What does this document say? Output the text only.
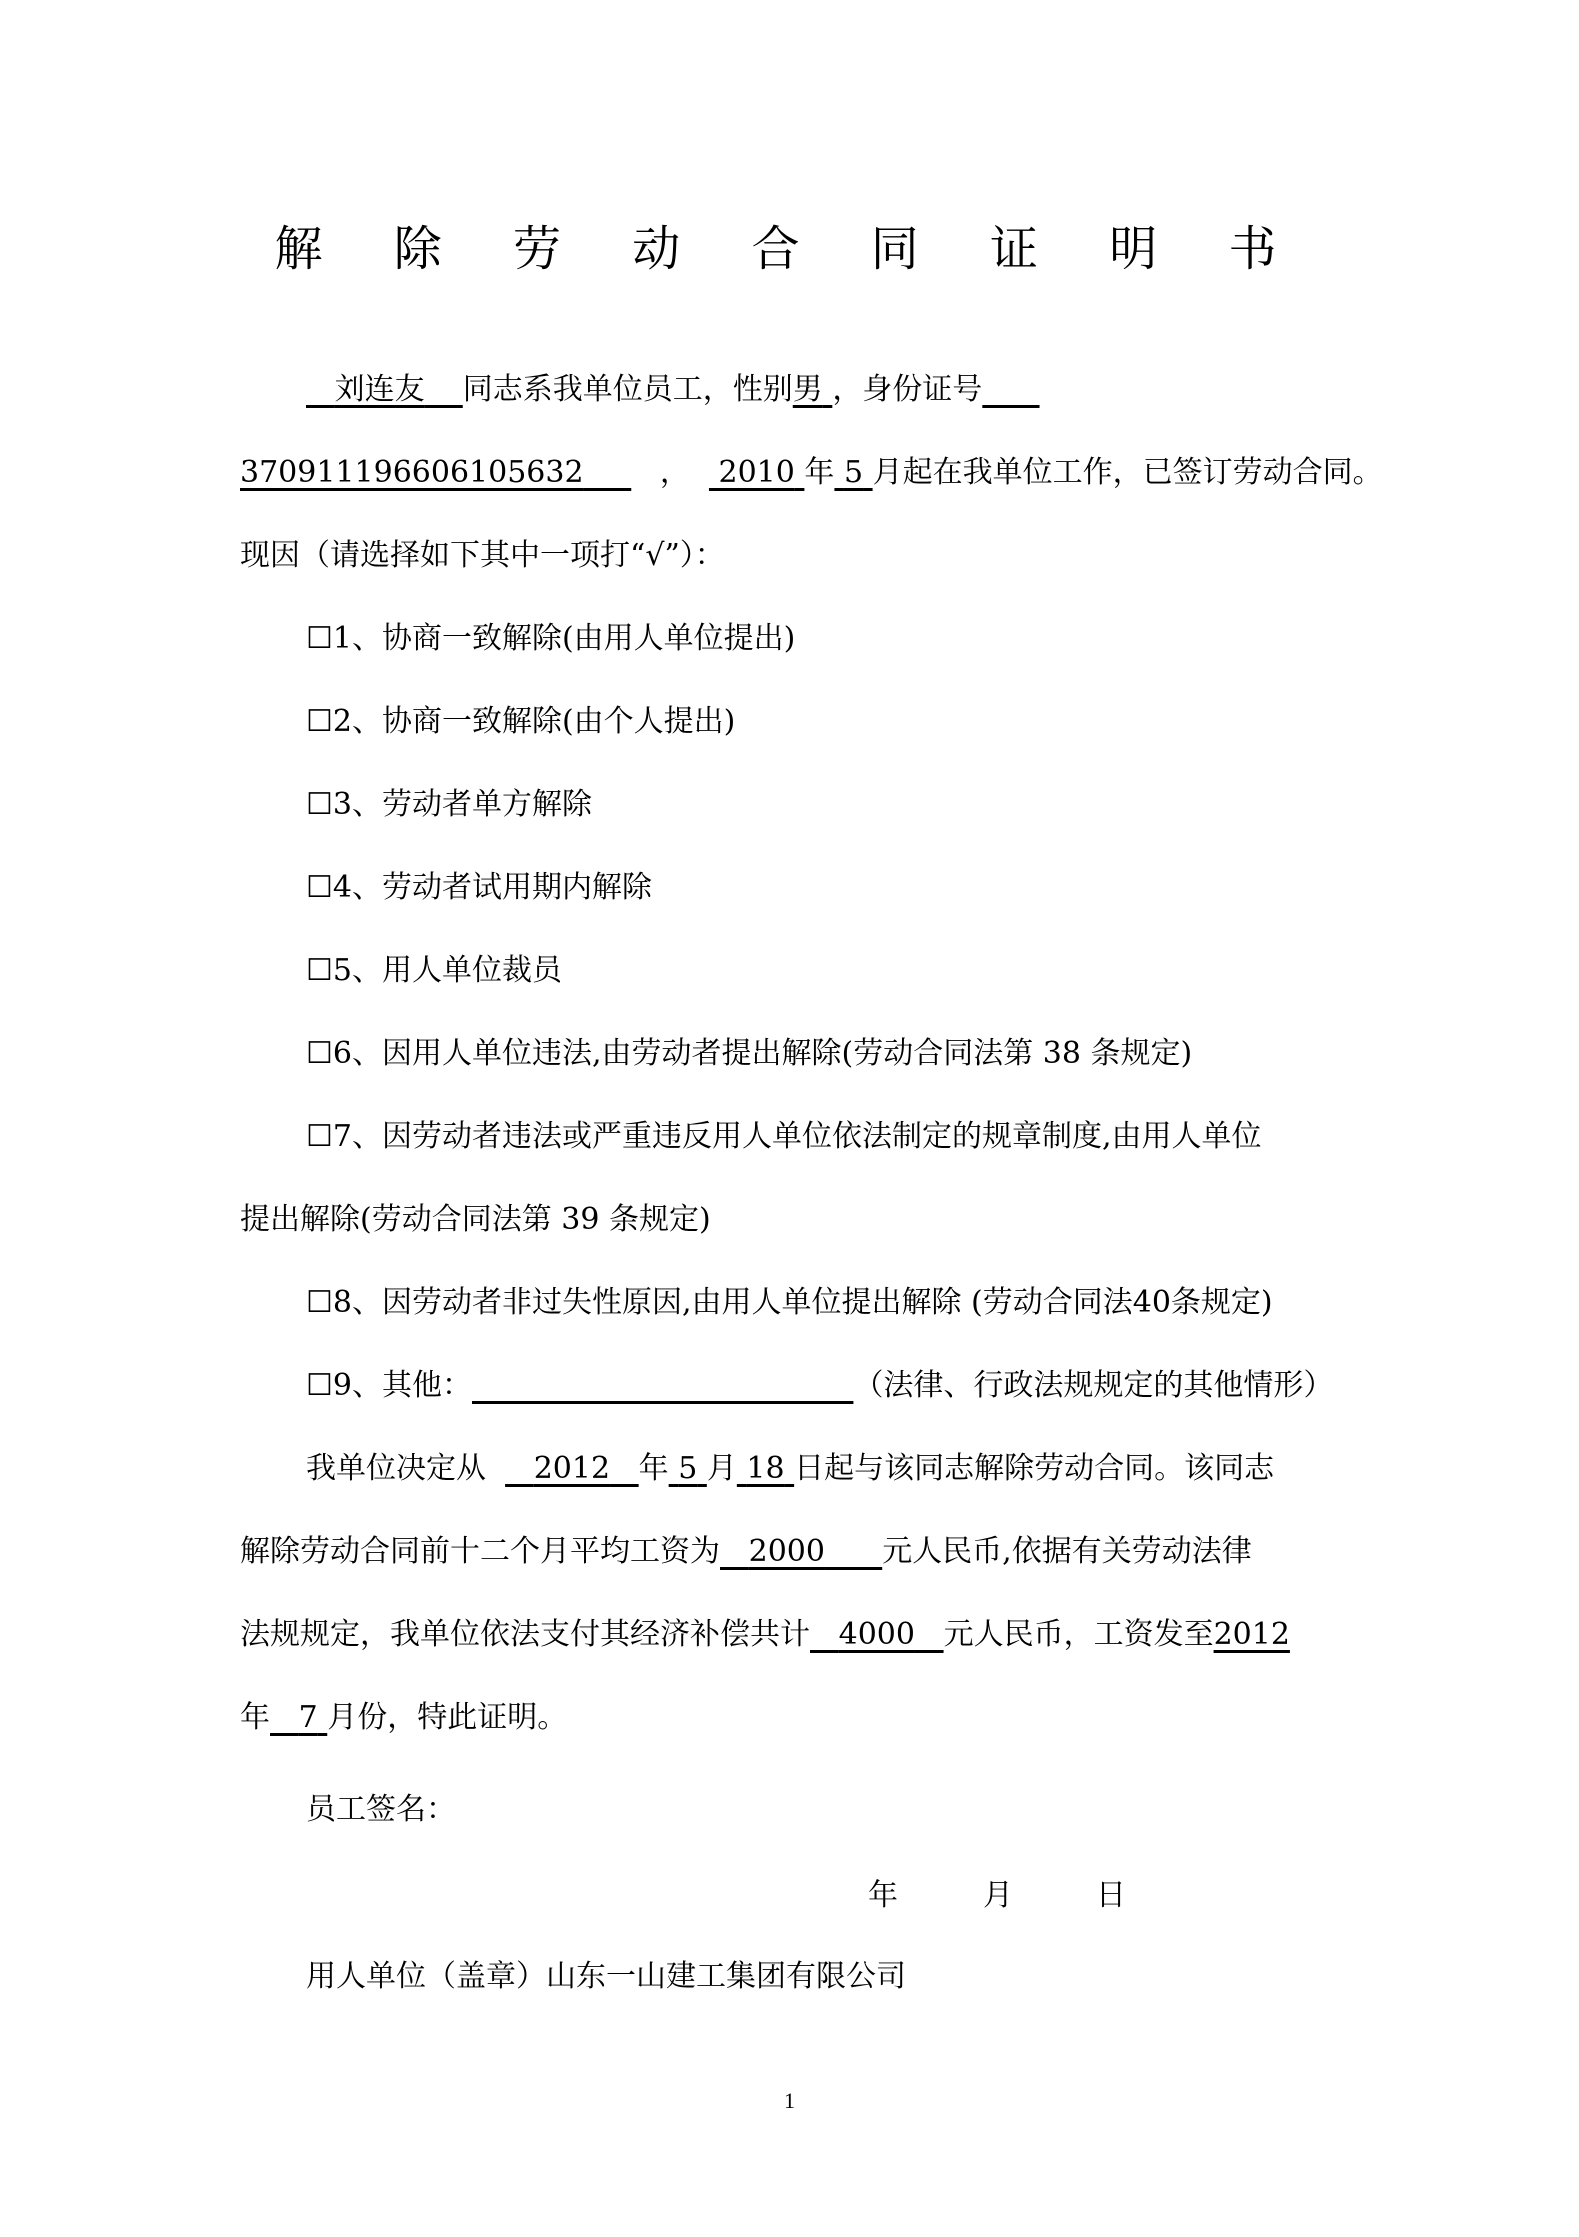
解 除 劳 动 合 同 证 明 书
刘连友 同志系我单位员工，性别男 ，身份证号
370911196606105632	， 2010 年 5 月起在我单位工作，已签订劳动合同。
现因（请选择如下其中一项打“√”）：
☐1、协商一致解除(由用人单位提出)
☐2、协商一致解除(由个人提出)
☐3、劳动者单方解除
☐4、劳动者试用期内解除
☐5、用人单位裁员
☐6、因用人单位违法,由劳动者提出解除(劳动合同法第 38 条规定)
☐7、因劳动者违法或严重违反用人单位依法制定的规章制度,由用人单位
提出解除(劳动合同法第 39 条规定)
☐8、因劳动者非过失性原因,由用人单位提出解除 (劳动合同法40条规定)
☐9、其他：	（法律、行政法规规定的其他情形）
我单位决定从 2012 年 5 月 18 日起与该同志解除劳动合同。该同志
解除劳动合同前十二个月平均工资为 2000 元人民币,依据有关劳动法律
法规规定，我单位依法支付其经济补偿共计 4000 元人民币，工资发至2012
年 7 月份，特此证明。
员工签名：
年	月	日
用人单位（盖章）山东一山建工集团有限公司
1
